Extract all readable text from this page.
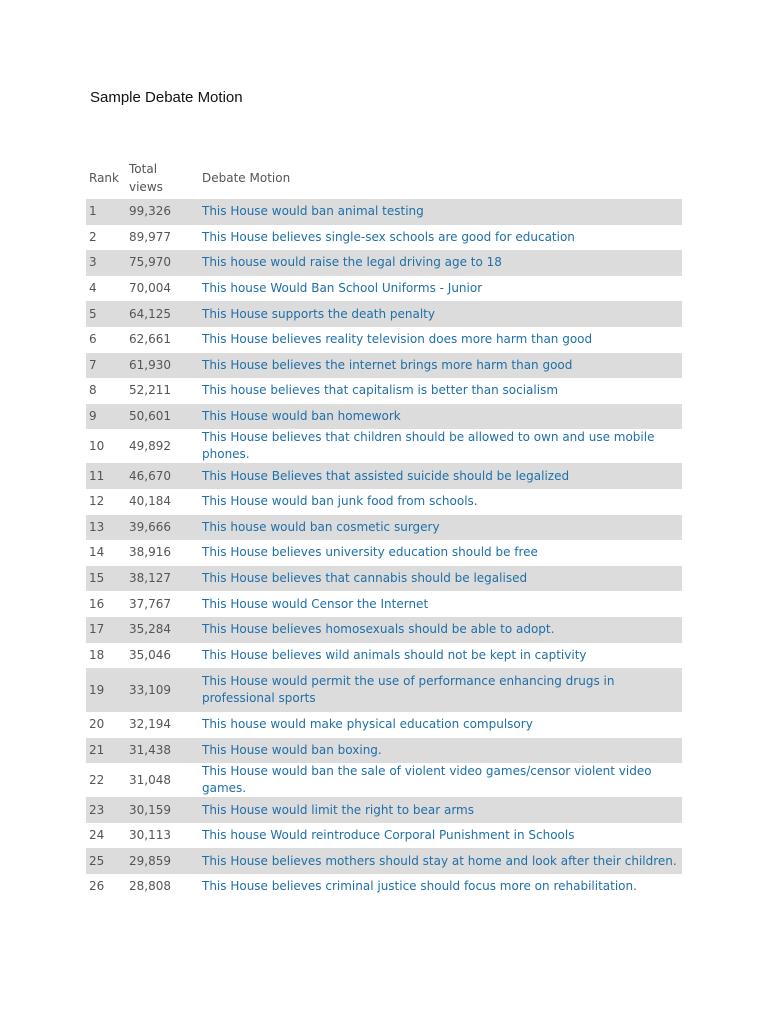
Sample Debate Motion
Rank	Total views	Debate Motion
1	99,326	This House would ban animal testing
2	89,977	This House believes single-sex schools are good for education
3	75,970	This house would raise the legal driving age to 18
4	70,004	This house Would Ban School Uniforms - Junior
5	64,125	This House supports the death penalty
6	62,661	This House believes reality television does more harm than good
7	61,930	This House believes the internet brings more harm than good
8	52,211	This house believes that capitalism is better than socialism
9	50,601	This House would ban homework
10	49,892	This House believes that children should be allowed to own and use mobile phones.
11	46,670	This House Believes that assisted suicide should be legalized
12	40,184	This House would ban junk food from schools.
13	39,666	This house would ban cosmetic surgery
14	38,916	This House believes university education should be free
15	38,127	This House believes that cannabis should be legalised
16	37,767	This House would Censor the Internet
17	35,284	This House believes homosexuals should be able to adopt.
18	35,046	This House believes wild animals should not be kept in captivity
19	33,109	This House would permit the use of performance enhancing drugs in professional sports
20	32,194	This house would make physical education compulsory
21	31,438	This House would ban boxing.
22	31,048	This House would ban the sale of violent video games/censor violent video games.
23	30,159	This House would limit the right to bear arms
24	30,113	This house Would reintroduce Corporal Punishment in Schools
25	29,859	This House believes mothers should stay at home and look after their children.
26	28,808	This House believes criminal justice should focus more on rehabilitation.
